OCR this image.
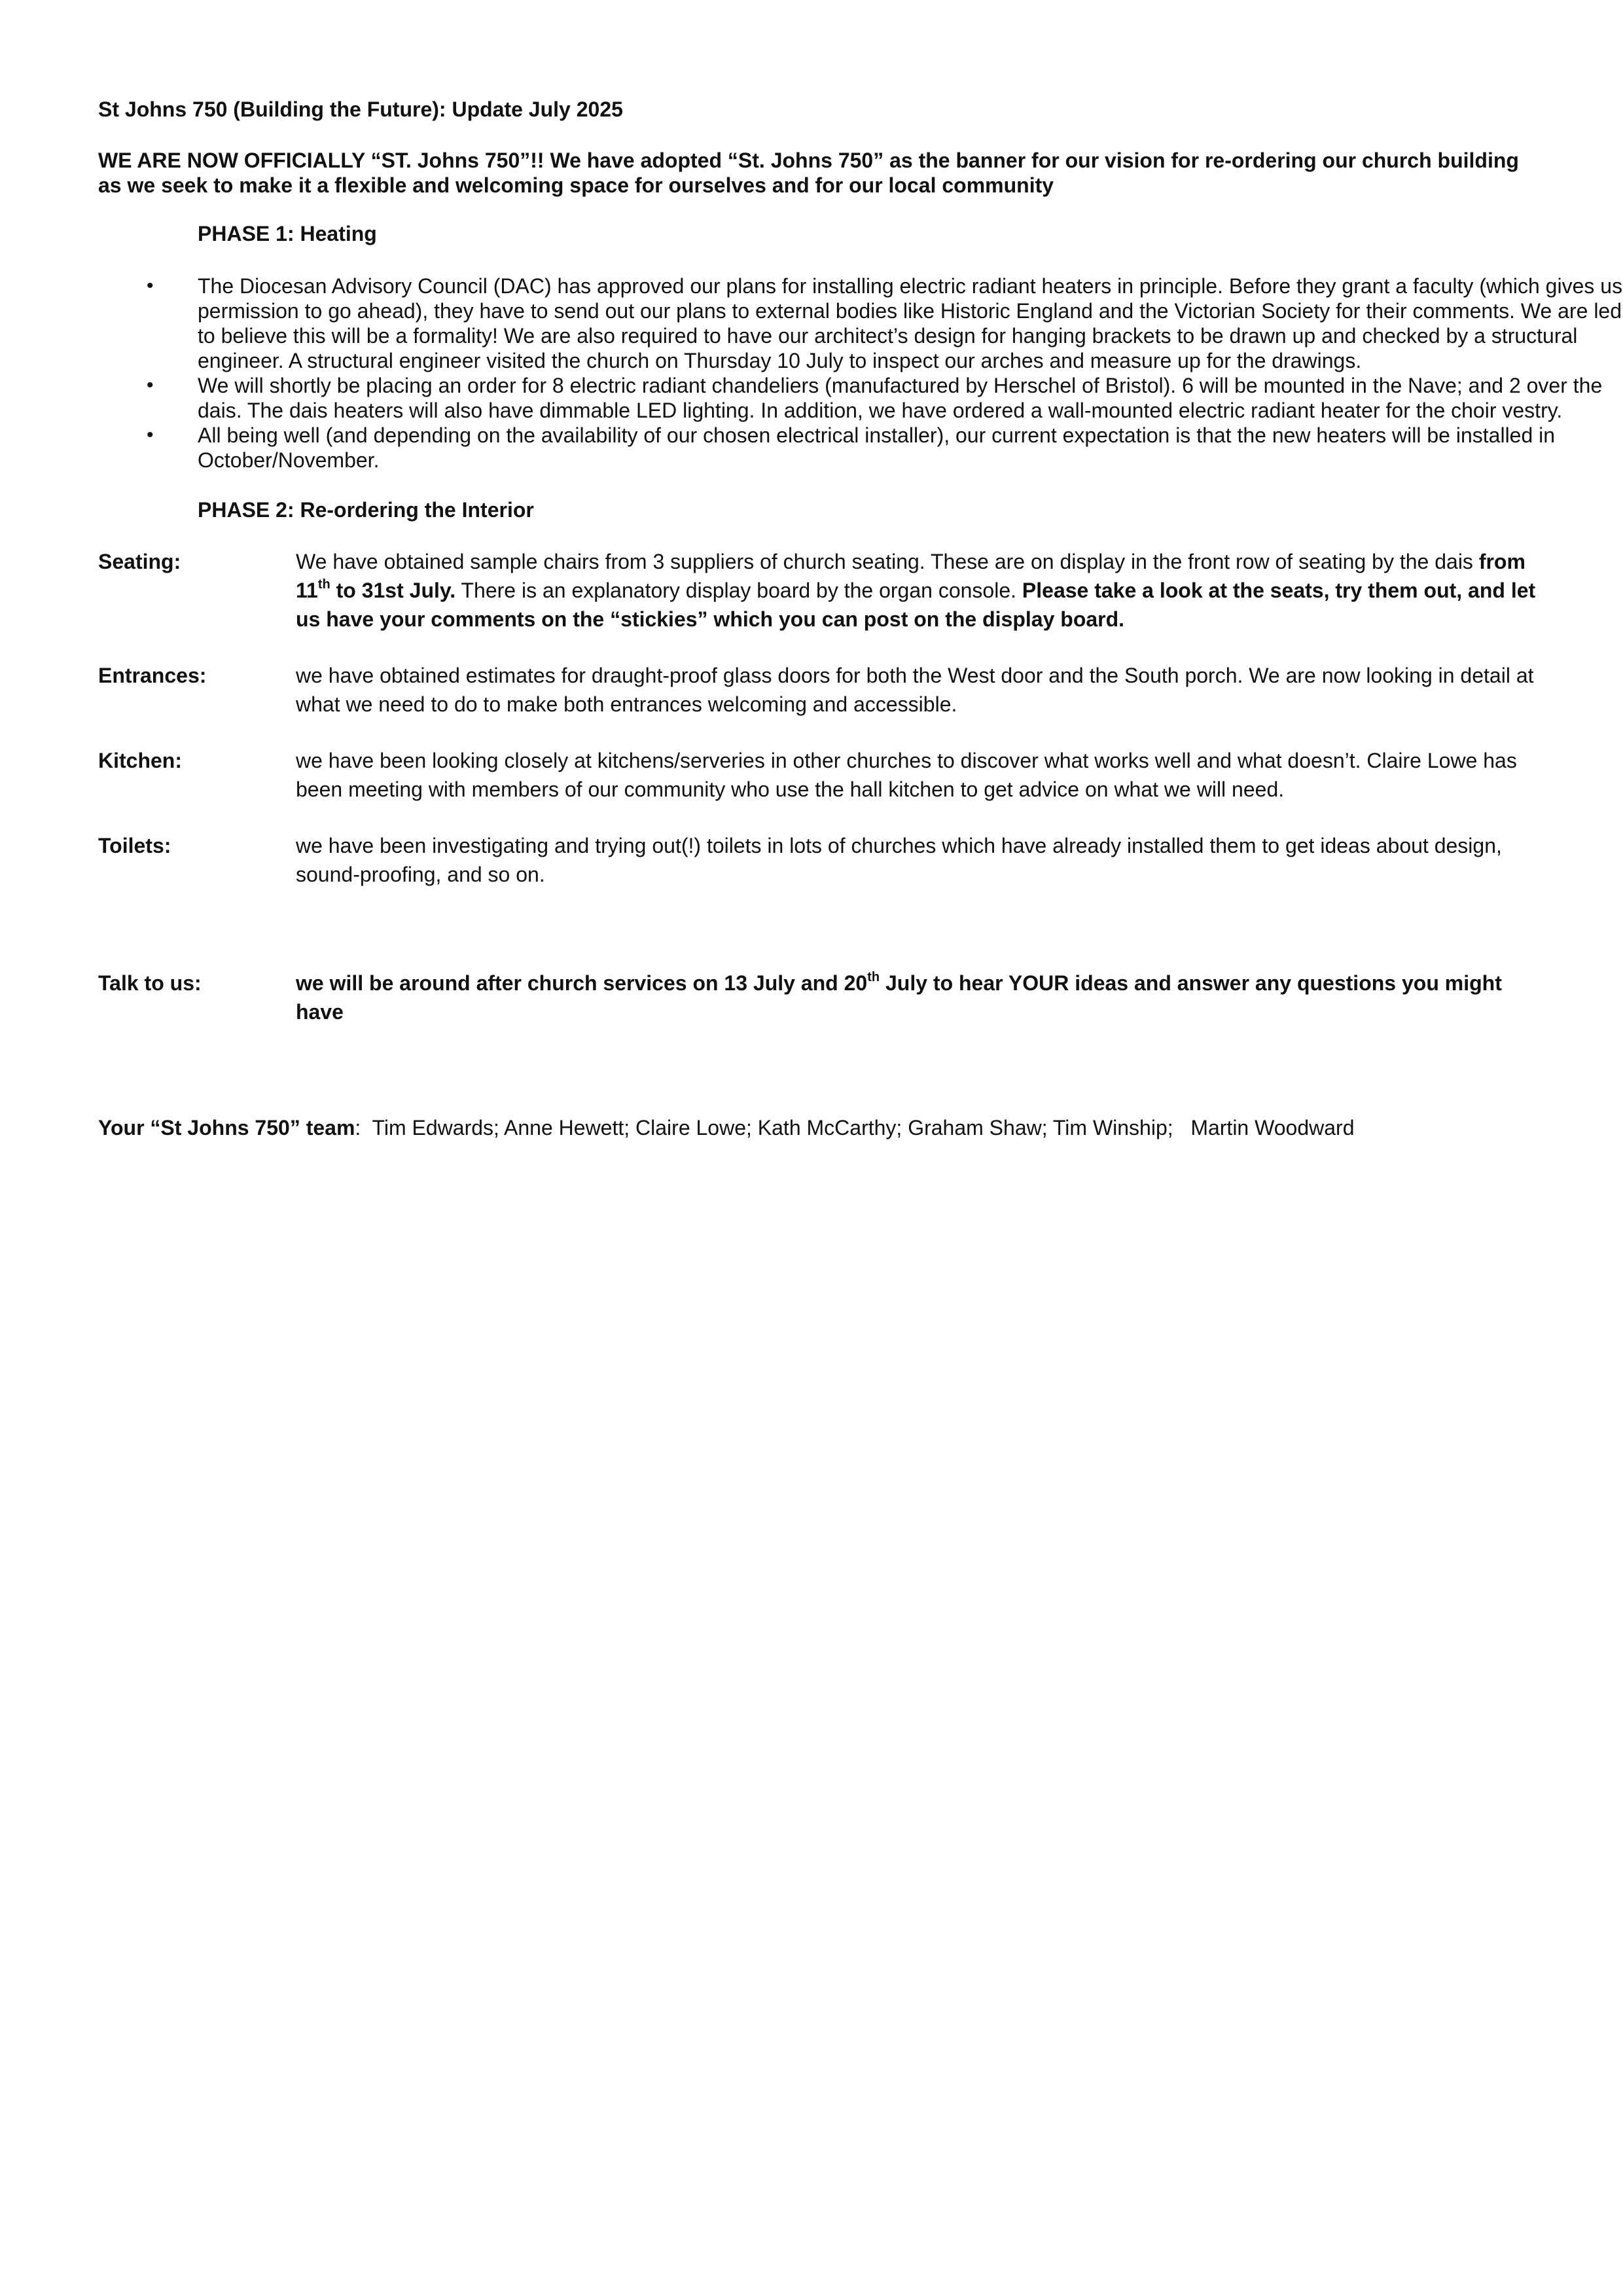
St Johns 750 (Building the Future): Update July 2025
WE ARE NOW OFFICIALLY “ST. Johns 750”!! We have adopted “St. Johns 750” as the banner for our vision for re-ordering our church building as we seek to make it a flexible and welcoming space for ourselves and for our local community
PHASE 1: Heating
• The Diocesan Advisory Council (DAC) has approved our plans for installing electric radiant heaters in principle. Before they grant a faculty (which gives us permission to go ahead), they have to send out our plans to external bodies like Historic England and the Victorian Society for their comments. We are led to believe this will be a formality! We are also required to have our architect’s design for hanging brackets to be drawn up and checked by a structural engineer. A structural engineer visited the church on Thursday 10 July to inspect our arches and measure up for the drawings.
• We will shortly be placing an order for 8 electric radiant chandeliers (manufactured by Herschel of Bristol). 6 will be mounted in the Nave; and 2 over the dais. The dais heaters will also have dimmable LED lighting. In addition, we have ordered a wall-mounted electric radiant heater for the choir vestry.
• All being well (and depending on the availability of our chosen electrical installer), our current expectation is that the new heaters will be installed in October/November.
PHASE 2: Re-ordering the Interior
Seating:	We have obtained sample chairs from 3 suppliers of church seating. These are on display in the front row of seating by the dais from 11th to 31st July. There is an explanatory display board by the organ console. Please take a look at the seats, try them out, and let us have your comments on the “stickies” which you can post on the display board.
Entrances:	we have obtained estimates for draught-proof glass doors for both the West door and the South porch. We are now looking in detail at what we need to do to make both entrances welcoming and accessible.
Kitchen:	we have been looking closely at kitchens/serveries in other churches to discover what works well and what doesn’t. Claire Lowe has been meeting with members of our community who use the hall kitchen to get advice on what we will need.
Toilets:	we have been investigating and trying out(!) toilets in lots of churches which have already installed them to get ideas about design, sound-proofing, and so on.
Talk to us:	we will be around after church services on 13 July and 20th July to hear YOUR ideas and answer any questions you might have
Your “St Johns 750” team:  Tim Edwards; Anne Hewett; Claire Lowe; Kath McCarthy; Graham Shaw; Tim Winship;   Martin Woodward
